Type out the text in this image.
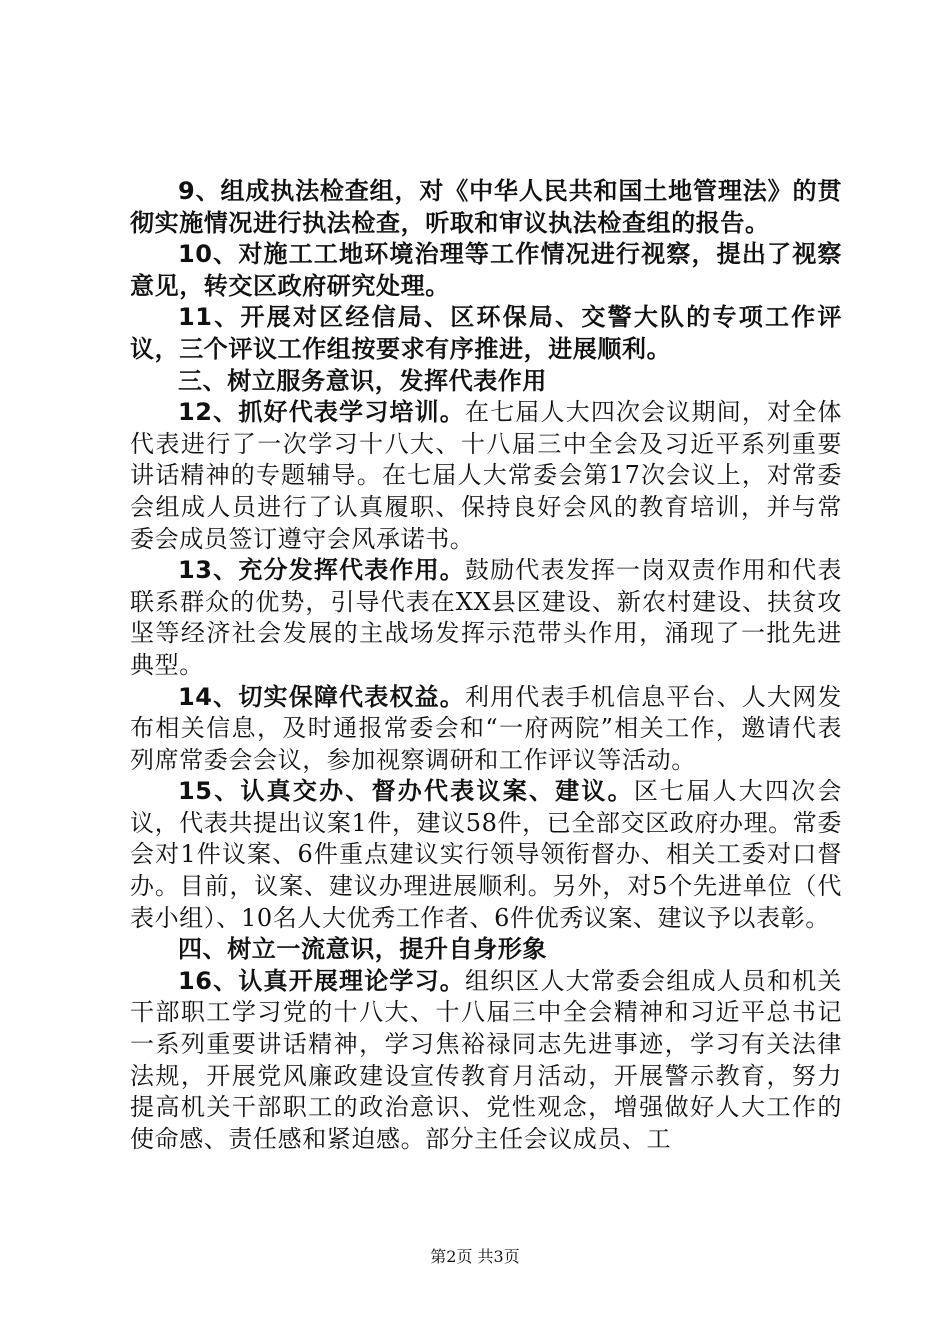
9、组成执法检查组，对《中华人民共和国土地管理法》的贯彻实施情况进行执法检查，听取和审议执法检查组的报告。

10、对施工工地环境治理等工作情况进行视察，提出了视察意见，转交区政府研究处理。

11、开展对区经信局、区环保局、交警大队的专项工作评议，三个评议工作组按要求有序推进，进展顺利。

三、树立服务意识，发挥代表作用

12、抓好代表学习培训。在七届人大四次会议期间，对全体代表进行了一次学习十八大、十八届三中全会及习近平系列重要讲话精神的专题辅导。在七届人大常委会第17次会议上，对常委会组成人员进行了认真履职、保持良好会风的教育培训，并与常委会成员签订遵守会风承诺书。

13、充分发挥代表作用。鼓励代表发挥一岗双责作用和代表联系群众的优势，引导代表在XX县区建设、新农村建设、扶贫攻坚等经济社会发展的主战场发挥示范带头作用，涌现了一批先进典型。

14、切实保障代表权益。利用代表手机信息平台、人大网发布相关信息，及时通报常委会和“一府两院”相关工作，邀请代表列席常委会会议，参加视察调研和工作评议等活动。

15、认真交办、督办代表议案、建议。区七届人大四次会议，代表共提出议案1件，建议58件，已全部交区政府办理。常委会对1件议案、6件重点建议实行领导领衔督办、相关工委对口督办。目前，议案、建议办理进展顺利。另外，对5个先进单位（代表小组）、10名人大优秀工作者、6件优秀议案、建议予以表彰。

四、树立一流意识，提升自身形象

16、认真开展理论学习。组织区人大常委会组成人员和机关干部职工学习党的十八大、十八届三中全会精神和习近平总书记一系列重要讲话精神，学习焦裕禄同志先进事迹，学习有关法律法规，开展党风廉政建设宣传教育月活动，开展警示教育，努力提高机关干部职工的政治意识、党性观念，增强做好人大工作的使命感、责任感和紧迫感。部分主任会议成员、工

第2页 共3页
